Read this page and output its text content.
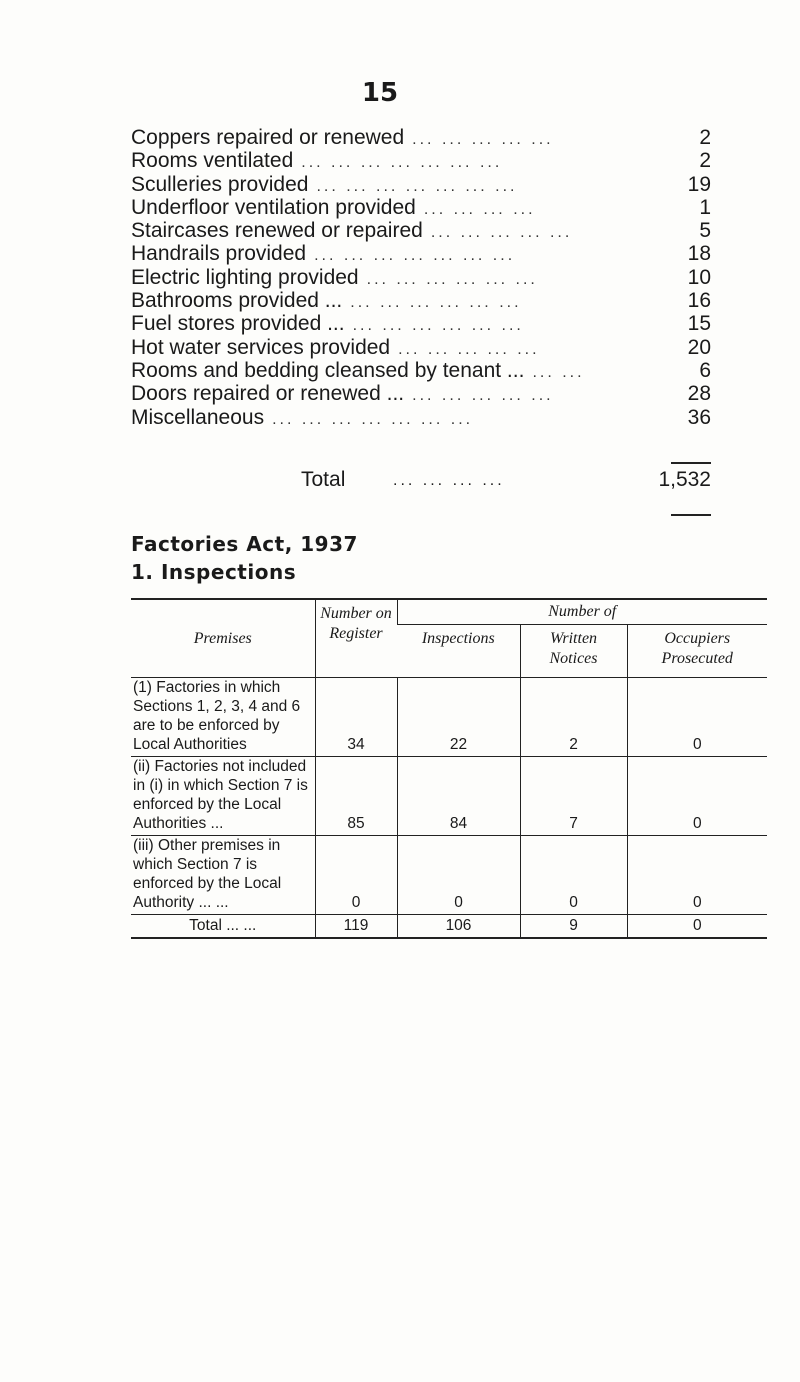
15
Coppers repaired or renewed ... ... ... ... ...	2
Rooms ventilated ... ... ... ... ... ... ...	2
Sculleries provided ... ... ... ... ... ... ...	19
Underfloor ventilation provided ... ... ... ...	1
Staircases renewed or repaired ... ... ... ... ...	5
Handrails provided ... ... ... ... ... ... ...	18
Electric lighting provided ... ... ... ... ... ...	10
Bathrooms provided ... ... ... ... ... ... ...	16
Fuel stores provided ... ... ... ... ... ... ...	15
Hot water services provided ... ... ... ... ...	20
Rooms and bedding cleansed by tenant ... ... ...	6
Doors repaired or renewed ... ... ... ... ... ...	28
Miscellaneous ... ... ... ... ... ... ...	36
Total	... ... ... ...	1,532
Factories Act, 1937
1. Inspections
Premises	Number on Register	Number of		
		Inspections	Written Notices	Occupiers Prosecuted
(1) Factories in which Sections 1, 2, 3, 4 and 6 are to be enforced by Local Authorities	34	22	2	0
(ii) Factories not included in (i) in which Section 7 is enforced by the Local Authorities ...	85	84	7	0
(iii) Other premises in which Section 7 is enforced by the Local Authority ... ...	0	0	0	0
Total ... ...	119	106	9	0
